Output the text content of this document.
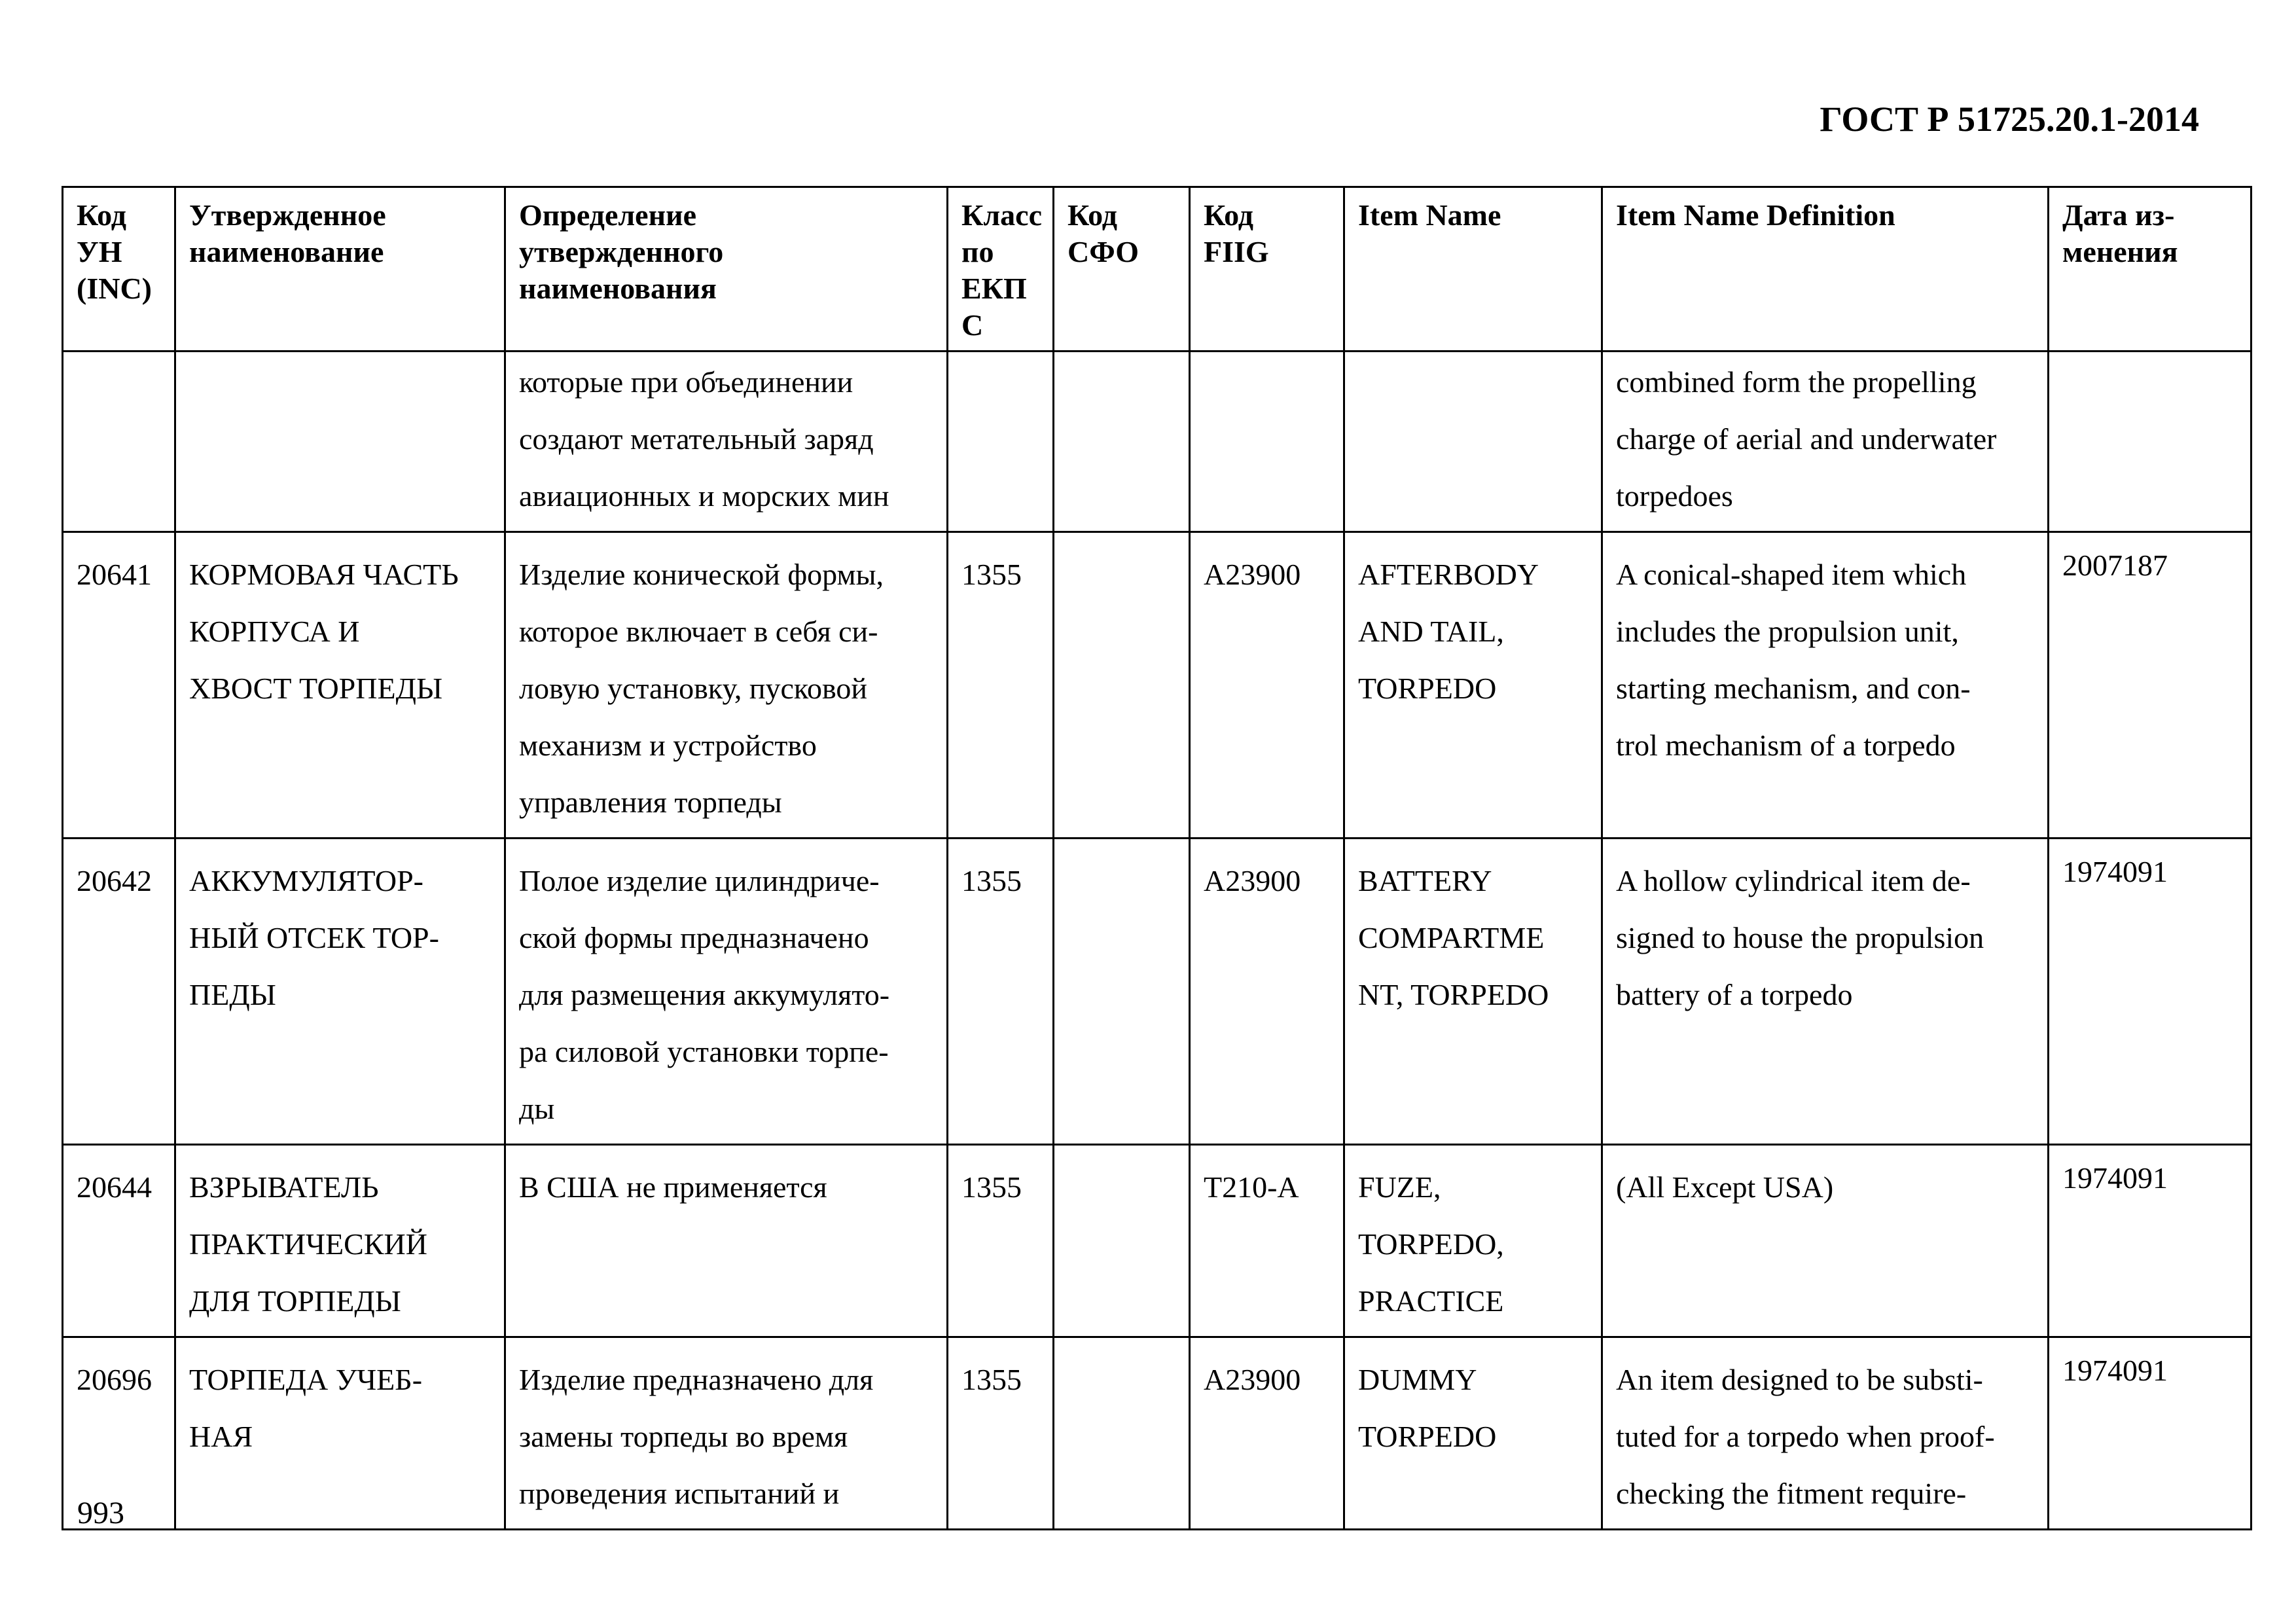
ГОСТ Р 51725.20.1-2014
Код
УН
(INC)	Утвержденное
наименование	Определение
утвержденного
наименования	Класс
по
ЕКП
С	Код
СФО	Код
FIIG	Item Name	Item Name Definition	Дата из-
менения
		которые при объединении
создают метательный заряд
авиационных и морских мин					combined form the propelling
charge of aerial and underwater
torpedoes	
20641	КОРМОВАЯ ЧАСТЬ
КОРПУСА И
ХВОСТ ТОРПЕДЫ	Изделие конической формы,
которое включает в себя си-
ловую установку, пусковой
механизм и устройство
управления торпеды	1355		A23900	AFTERBODY
AND TAIL,
TORPEDO	A conical-shaped item which
includes the propulsion unit,
starting mechanism, and con-
trol mechanism of a torpedo	2007187
20642	АККУМУЛЯТОР-
НЫЙ ОТСЕК ТОР-
ПЕДЫ	Полое изделие цилиндриче-
ской формы предназначено
для размещения аккумулято-
ра силовой установки торпе-
ды	1355		A23900	BATTERY
COMPARTME
NT, TORPEDO	A hollow cylindrical item de-
signed to house the propulsion
battery of a torpedo	1974091
20644	ВЗРЫВАТЕЛЬ
ПРАКТИЧЕСКИЙ
ДЛЯ ТОРПЕДЫ	В США не применяется	1355		T210-A	FUZE,
TORPEDO,
PRACTICE	(All Except USA)	1974091
20696	ТОРПЕДА УЧЕБ-
НАЯ	Изделие предназначено для
замены торпеды во время
проведения испытаний и	1355		A23900	DUMMY
TORPEDO	An item designed to be substi-
tuted for a torpedo when proof-
checking the fitment require-	1974091
993
